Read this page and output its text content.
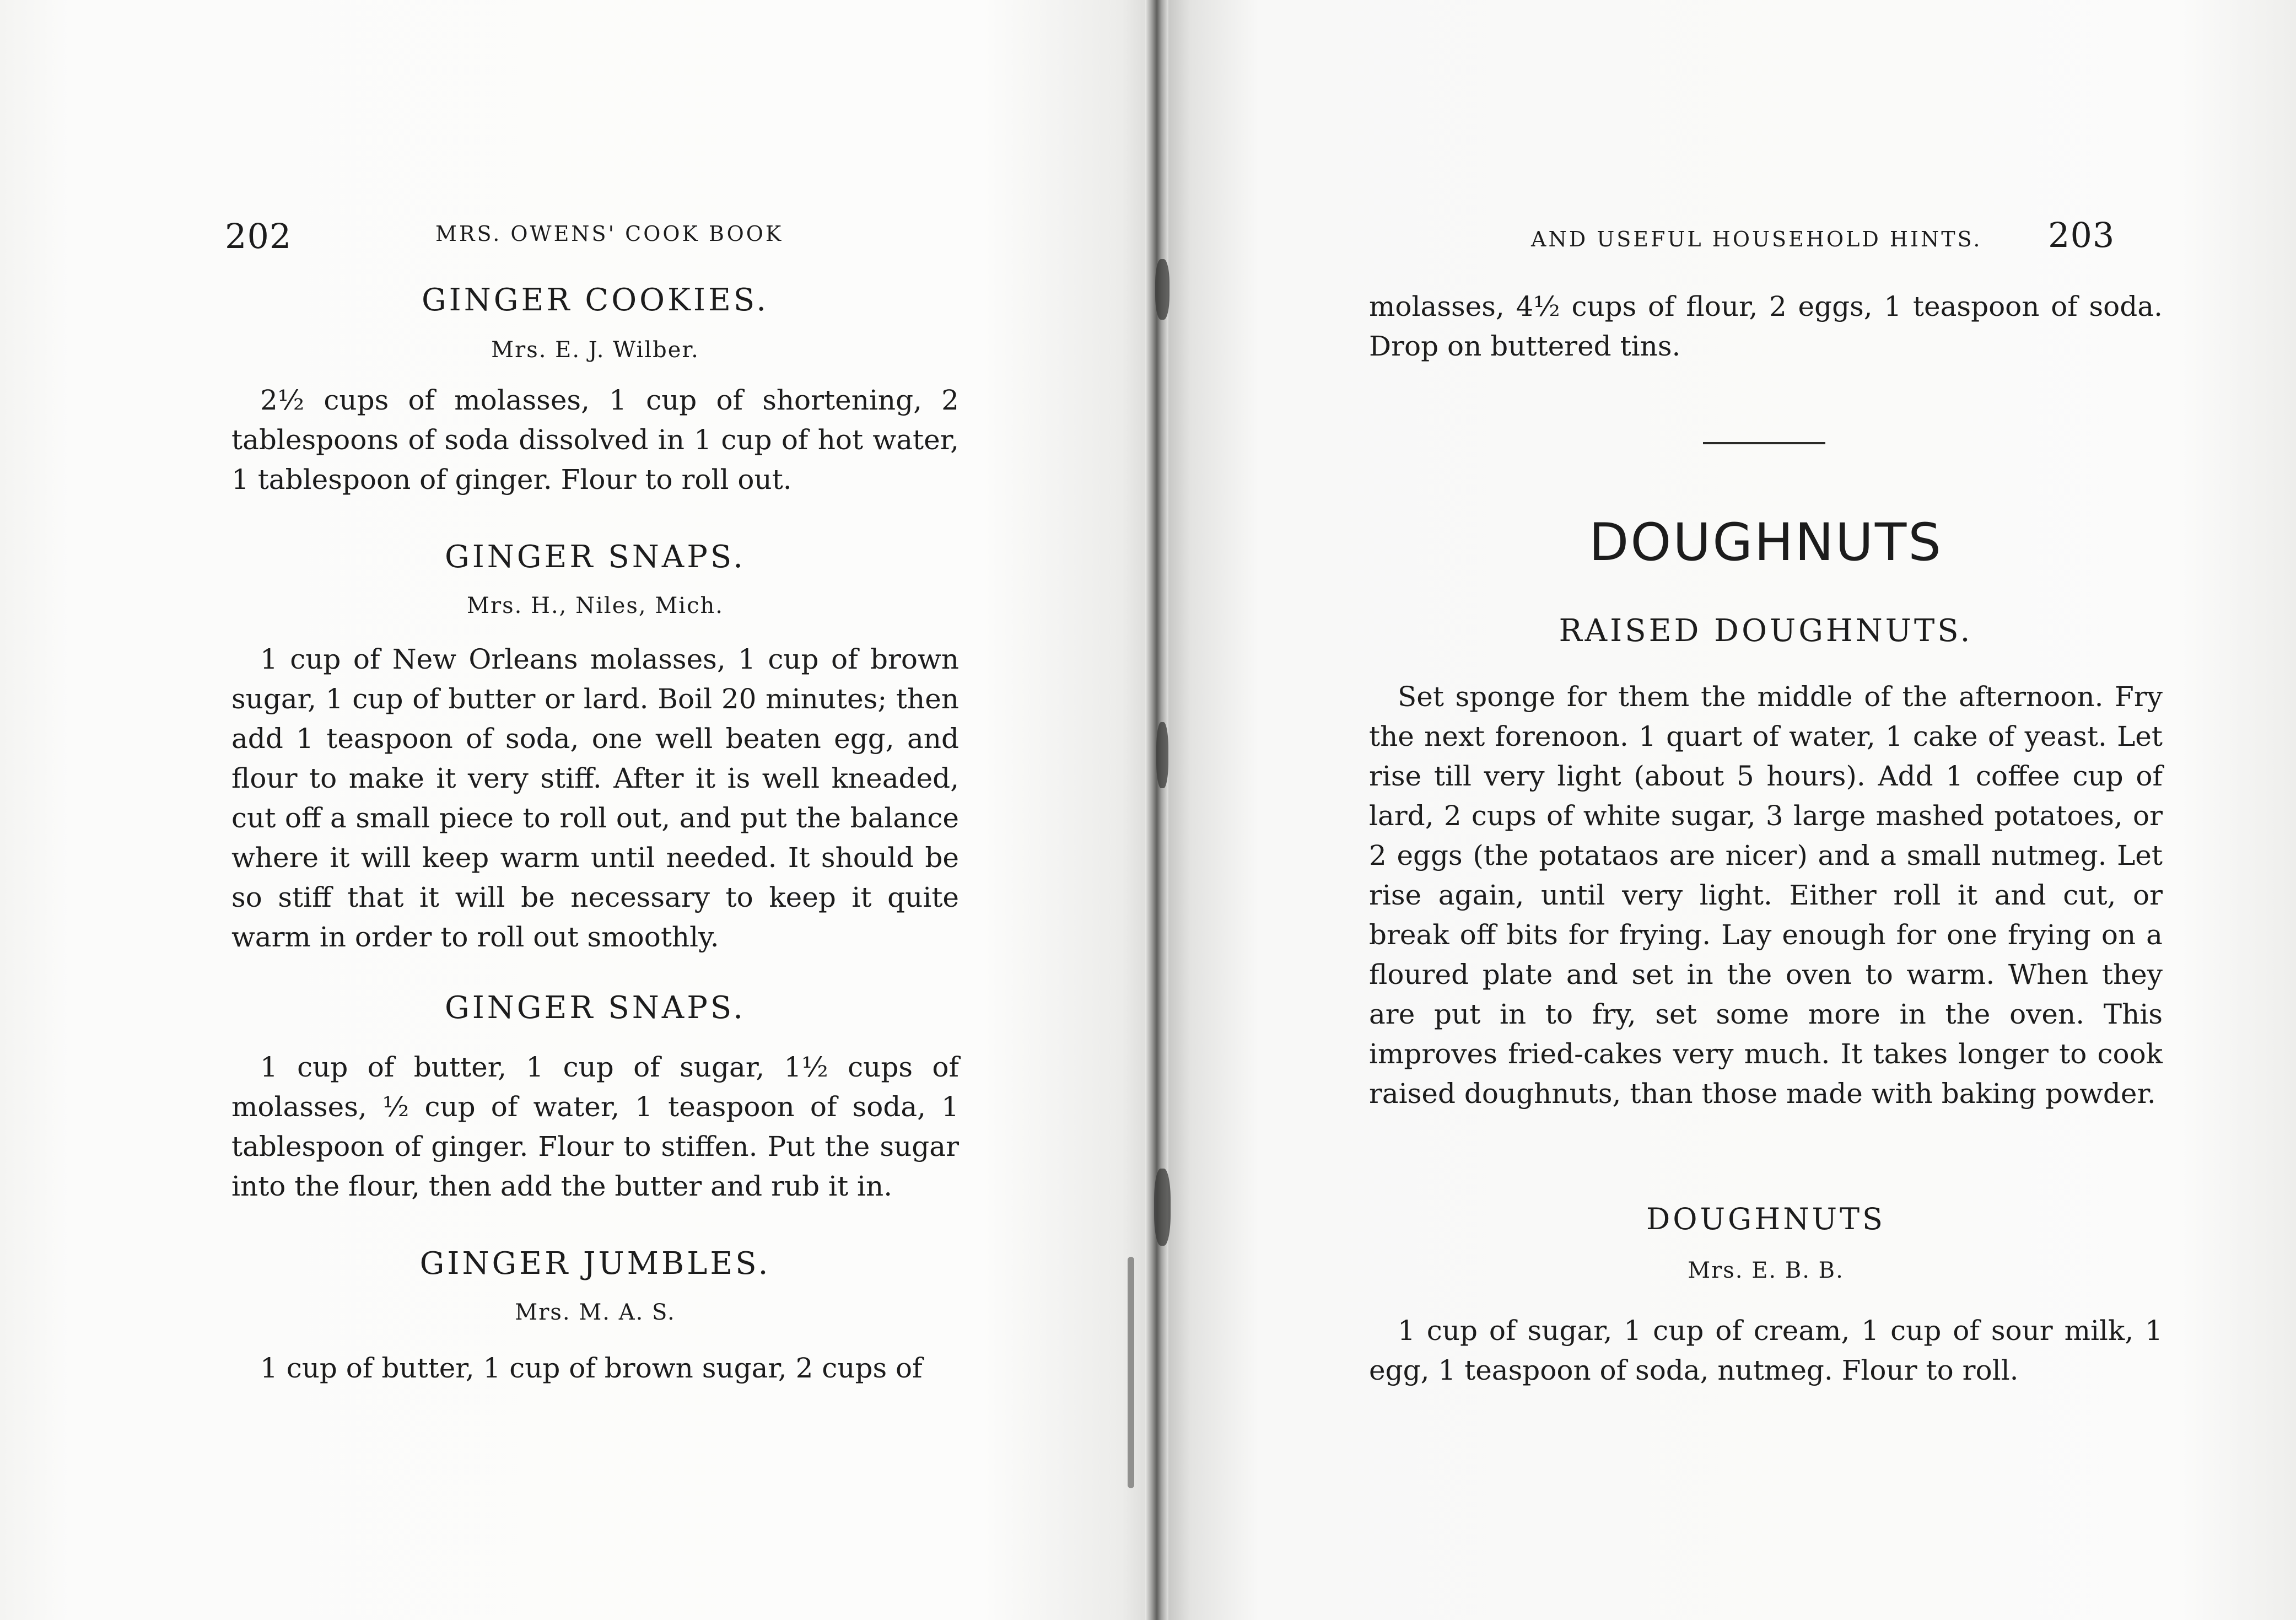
202	MRS. OWENS' COOK BOOK
GINGER COOKIES.
Mrs. E. J. Wilber.
2½ cups of molasses, 1 cup of shortening, 2 tablespoons of soda dissolved in 1 cup of hot water, 1 tablespoon of ginger. Flour to roll out.
GINGER SNAPS.
Mrs. H., Niles, Mich.
1 cup of New Orleans molasses, 1 cup of brown sugar, 1 cup of butter or lard. Boil 20 minutes; then add 1 teaspoon of soda, one well beaten egg, and flour to make it very stiff. After it is well kneaded, cut off a small piece to roll out, and put the balance where it will keep warm until needed. It should be so stiff that it will be necessary to keep it quite warm in order to roll out smoothly.
GINGER SNAPS.
1 cup of butter, 1 cup of sugar, 1½ cups of molasses, ½ cup of water, 1 teaspoon of soda, 1 tablespoon of ginger. Flour to stiffen. Put the sugar into the flour, then add the butter and rub it in.
GINGER JUMBLES.
Mrs. M. A. S.
1 cup of butter, 1 cup of brown sugar, 2 cups of
AND USEFUL HOUSEHOLD HINTS. 203
molasses, 4½ cups of flour, 2 eggs, 1 teaspoon of soda. Drop on buttered tins.
DOUGHNUTS
RAISED DOUGHNUTS.
Set sponge for them the middle of the afternoon. Fry the next forenoon. 1 quart of water, 1 cake of yeast. Let rise till very light (about 5 hours). Add 1 coffee cup of lard, 2 cups of white sugar, 3 large mashed potatoes, or 2 eggs (the potataos are nicer) and a small nutmeg. Let rise again, until very light. Either roll it and cut, or break off bits for frying. Lay enough for one frying on a floured plate and set in the oven to warm. When they are put in to fry, set some more in the oven. This improves fried-cakes very much. It takes longer to cook raised doughnuts, than those made with baking powder.
DOUGHNUTS
Mrs. E. B. B.
1 cup of sugar, 1 cup of cream, 1 cup of sour milk, 1 egg, 1 teaspoon of soda, nutmeg. Flour to roll.
